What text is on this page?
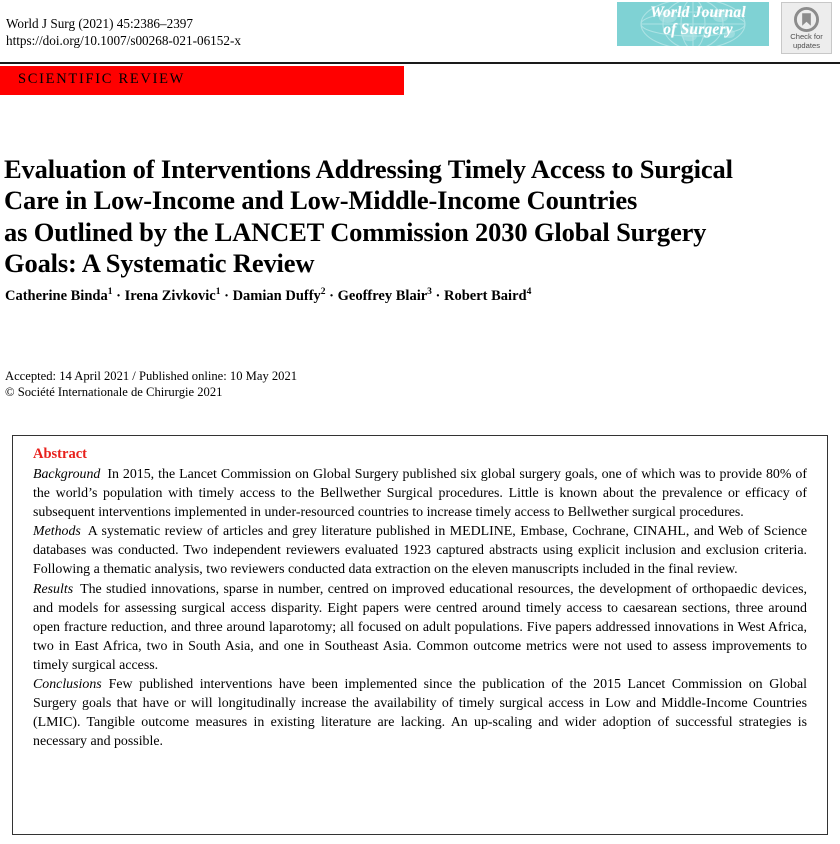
World J Surg (2021) 45:2386–2397
https://doi.org/10.1007/s00268-021-06152-x
World Journal
of Surgery	Check for
updates
SCIENTIFIC REVIEW
Evaluation of Interventions Addressing Timely Access to Surgical
Care in Low-Income and Low-Middle-Income Countries
as Outlined by the LANCET Commission 2030 Global Surgery
Goals: A Systematic Review
Catherine Binda$^1$ · Irena Zivkovic$^1$ · Damian Duffy$^2$ · Geoffrey Blair$^3$ · Robert Baird$^4$
Accepted: 14 April 2021 / Published online: 10 May 2021
© Société Internationale de Chirurgie 2021
Abstract

Background In 2015, the Lancet Commission on Global Surgery published six global surgery goals, one of which was to provide 80% of the world’s population with timely access to the Bellwether Surgical procedures. Little is known about the prevalence or efficacy of subsequent interventions implemented in under-resourced countries to increase timely access to Bellwether surgical procedures.

Methods A systematic review of articles and grey literature published in MEDLINE, Embase, Cochrane, CINAHL, and Web of Science databases was conducted. Two independent reviewers evaluated 1923 captured abstracts using explicit inclusion and exclusion criteria. Following a thematic analysis, two reviewers conducted data extraction on the eleven manuscripts included in the final review.

Results The studied innovations, sparse in number, centred on improved educational resources, the development of orthopaedic devices, and models for assessing surgical access disparity. Eight papers were centred around timely access to caesarean sections, three around open fracture reduction, and three around laparotomy; all focused on adult populations. Five papers addressed innovations in West Africa, two in East Africa, two in South Asia, and one in Southeast Asia. Common outcome metrics were not used to assess improvements to timely surgical access.

Conclusions Few published interventions have been implemented since the publication of the 2015 Lancet Commission on Global Surgery goals that have or will longitudinally increase the availability of timely surgical access in Low and Middle-Income Countries (LMIC). Tangible outcome measures in existing literature are lacking. An up-scaling and wider adoption of successful strategies is necessary and possible.
